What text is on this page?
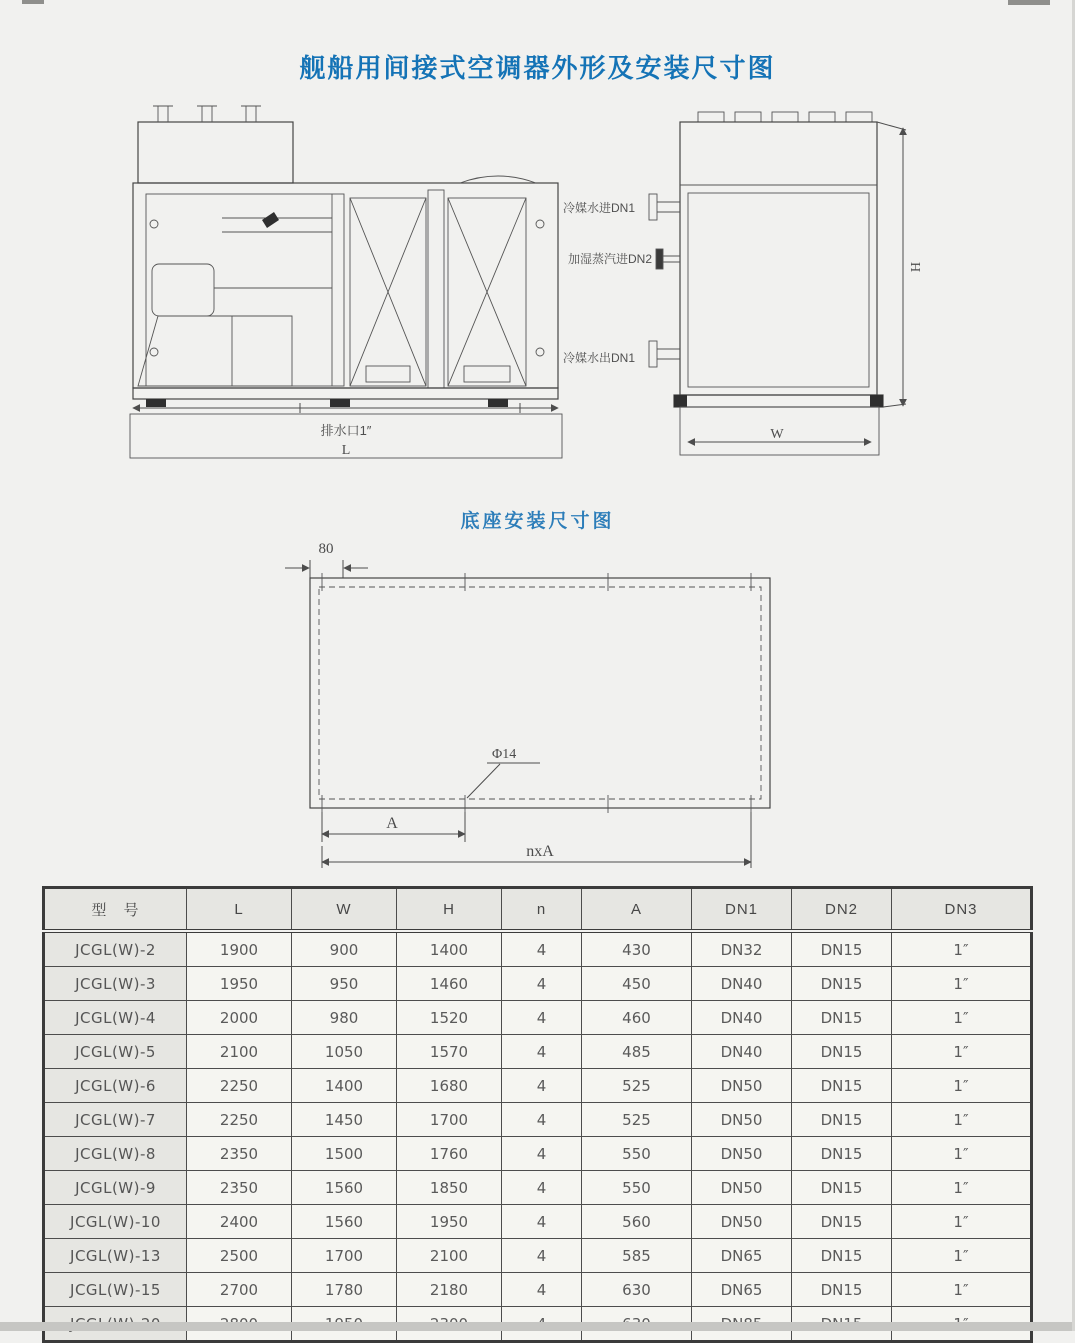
舰船用间接式空调器外形及安装尺寸图
排水口1″
L
W
H
冷媒水进DN1
加湿蒸汽进DN2
冷媒水出DN1
底座安装尺寸图
80
Φ14
A
nxA
型　号	L	W	H	n	A	DN1	DN2	DN3
JCGL(W)-2	1900	900	1400	4	430	DN32	DN15	1″
JCGL(W)-3	1950	950	1460	4	450	DN40	DN15	1″
JCGL(W)-4	2000	980	1520	4	460	DN40	DN15	1″
JCGL(W)-5	2100	1050	1570	4	485	DN40	DN15	1″
JCGL(W)-6	2250	1400	1680	4	525	DN50	DN15	1″
JCGL(W)-7	2250	1450	1700	4	525	DN50	DN15	1″
JCGL(W)-8	2350	1500	1760	4	550	DN50	DN15	1″
JCGL(W)-9	2350	1560	1850	4	550	DN50	DN15	1″
JCGL(W)-10	2400	1560	1950	4	560	DN50	DN15	1″
JCGL(W)-13	2500	1700	2100	4	585	DN65	DN15	1″
JCGL(W)-15	2700	1780	2180	4	630	DN65	DN15	1″
